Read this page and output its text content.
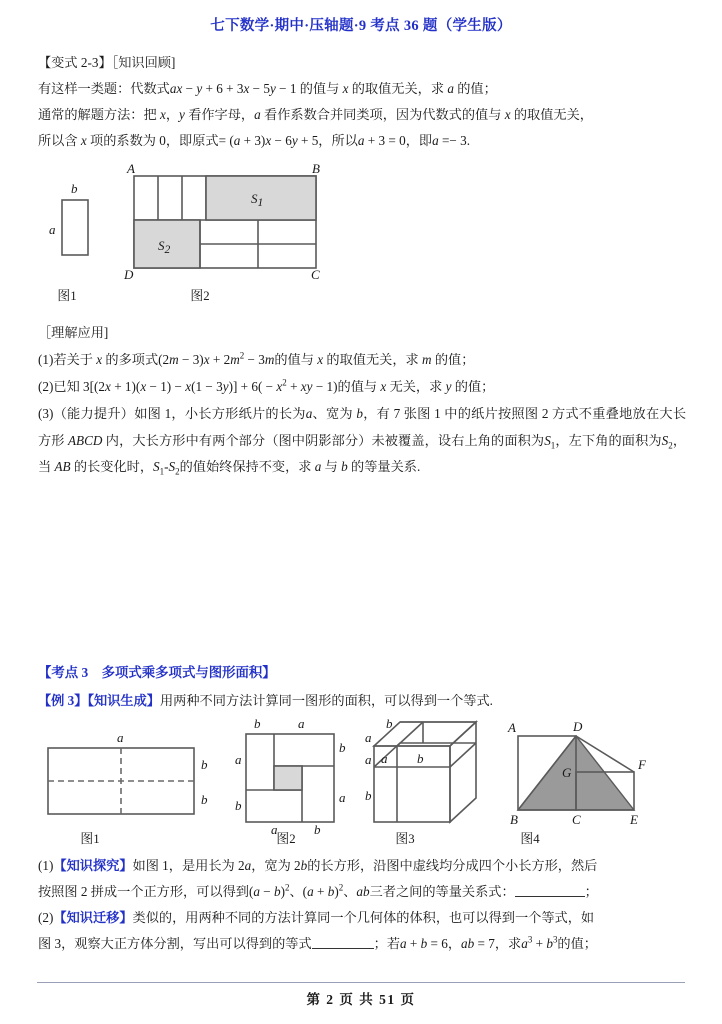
七下数学·期中·压轴题·9 考点 36 题（学生版）
【变式 2-3】［知识回顾]
有这样一类题：代数式ax − y + 6 + 3x − 5y − 1 的值与 x 的取值无关，求 a 的值；
通常的解题方法：把 x，y 看作字母，a 看作系数合并同类项，因为代数式的值与 x 的取值无关，
所以含 x 项的系数为 0，即原式= (a + 3)x − 6y + 5，所以a + 3 = 0，即a =− 3.
b
a
S1
S2
A	B
C
D
图1	图2
［理解应用]
(1)若关于 x 的多项式$(2m - 3)x + 2m^2 - 3m$的值与 x 的取值无关，求 m 的值；
(2)已知 $3[(2x + 1)(x - 1) - x(1 - 3y)] + 6( - x^2$ + xy − 1)的值与 x 无关，求 y 的值；
(3)（能力提升）如图 1，小长方形纸片的长为a、宽为 b，有 7 张图 1 中的纸片按照图 2 方式不重叠地放在大长方形 ABCD 内，大长方形中有两个部分（图中阴影部分）未被覆盖，设右上角的面积为$S_1$，左下角的面积为$S_2$，当 AB 的长变化时，$S_1-S_2$的值始终保持不变，求 a 与 b 的等量关系.
【考点 3　多项式乘多项式与图形面积】
【例 3】【知识生成】用两种不同方法计算同一图形的面积，可以得到一个等式.
a
b
b
b	a
b
a
a
b
a	b
b
a
a a b
b
A
B	C
D
E
F
G
图1	图2	图3	图4
(1)【知识探究】如图 1，是用长为 2a，宽为 2b的长方形，沿图中虚线均分成四个小长方形，然后
按照图 2 拼成一个正方形，可以得到$(a - b)^2$、$(a + b)^2$、ab三者之间的等量关系式：	；
(2)【知识迁移】类似的，用两种不同的方法计算同一个几何体的体积，也可以得到一个等式，如
图 3，观察大正方体分割，写出可以得到的等式	；若a + b = 6，ab = 7，求$a^3 + b^3$的值；
第 2 页 共 51 页
